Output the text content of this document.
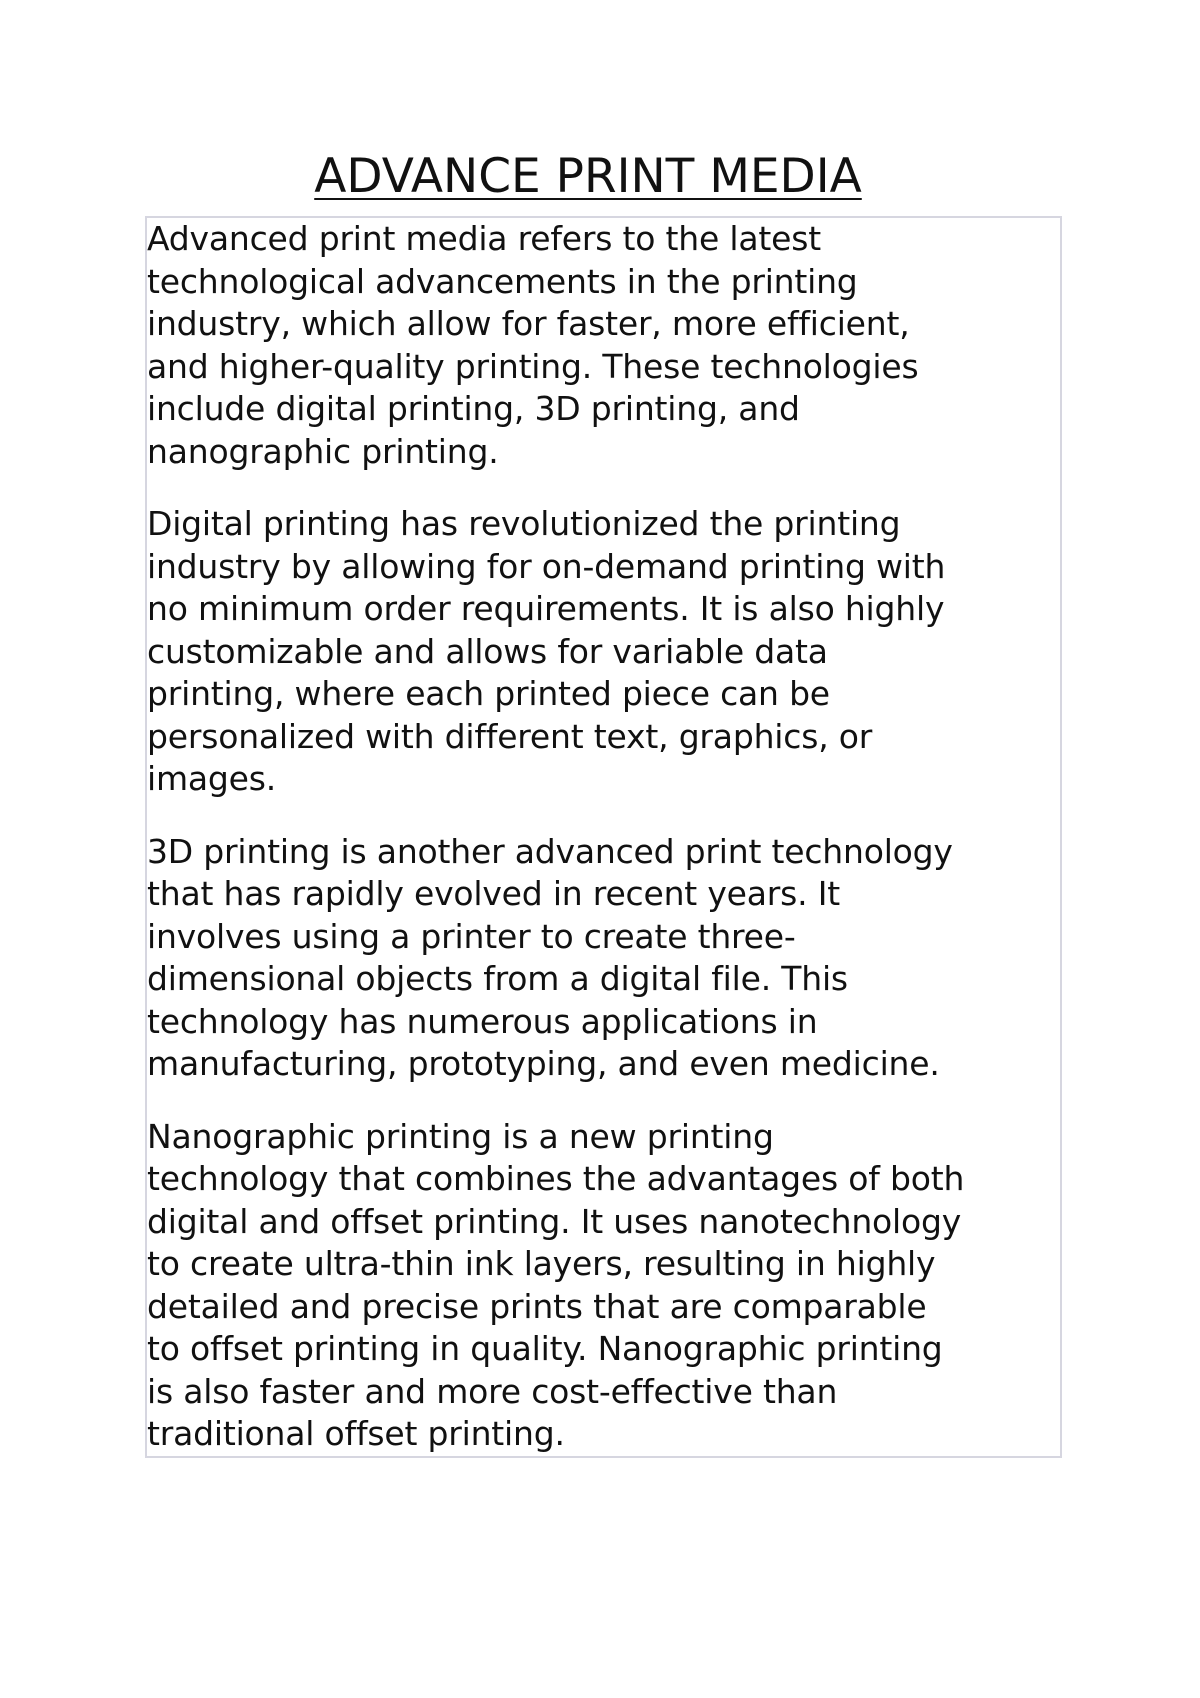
ADVANCE PRINT MEDIA

Advanced print media refers to the latest
technological advancements in the printing
industry, which allow for faster, more efficient,
and higher-quality printing. These technologies
include digital printing, 3D printing, and
nanographic printing.

Digital printing has revolutionized the printing
industry by allowing for on-demand printing with
no minimum order requirements. It is also highly
customizable and allows for variable data
printing, where each printed piece can be
personalized with different text, graphics, or
images.

3D printing is another advanced print technology
that has rapidly evolved in recent years. It
involves using a printer to create three-
dimensional objects from a digital file. This
technology has numerous applications in
manufacturing, prototyping, and even medicine.

Nanographic printing is a new printing
technology that combines the advantages of both
digital and offset printing. It uses nanotechnology
to create ultra-thin ink layers, resulting in highly
detailed and precise prints that are comparable
to offset printing in quality. Nanographic printing
is also faster and more cost-effective than
traditional offset printing.
